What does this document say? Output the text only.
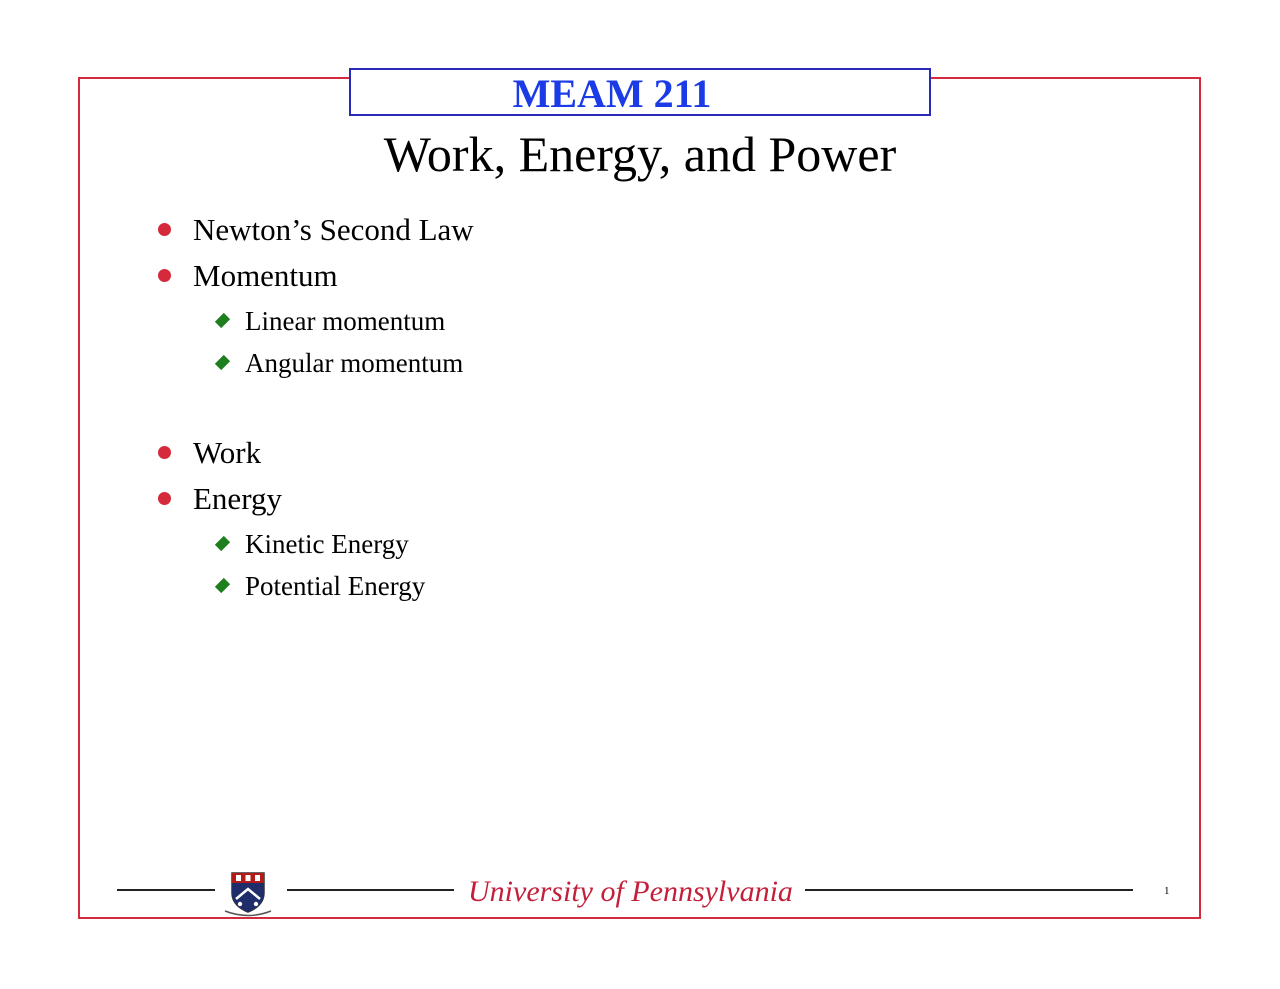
MEAM 211
Work, Energy, and Power
Newton’s Second Law
Momentum
Linear momentum
Angular momentum
Work
Energy
Kinetic Energy
Potential Energy
University of Pennsylvania	1
